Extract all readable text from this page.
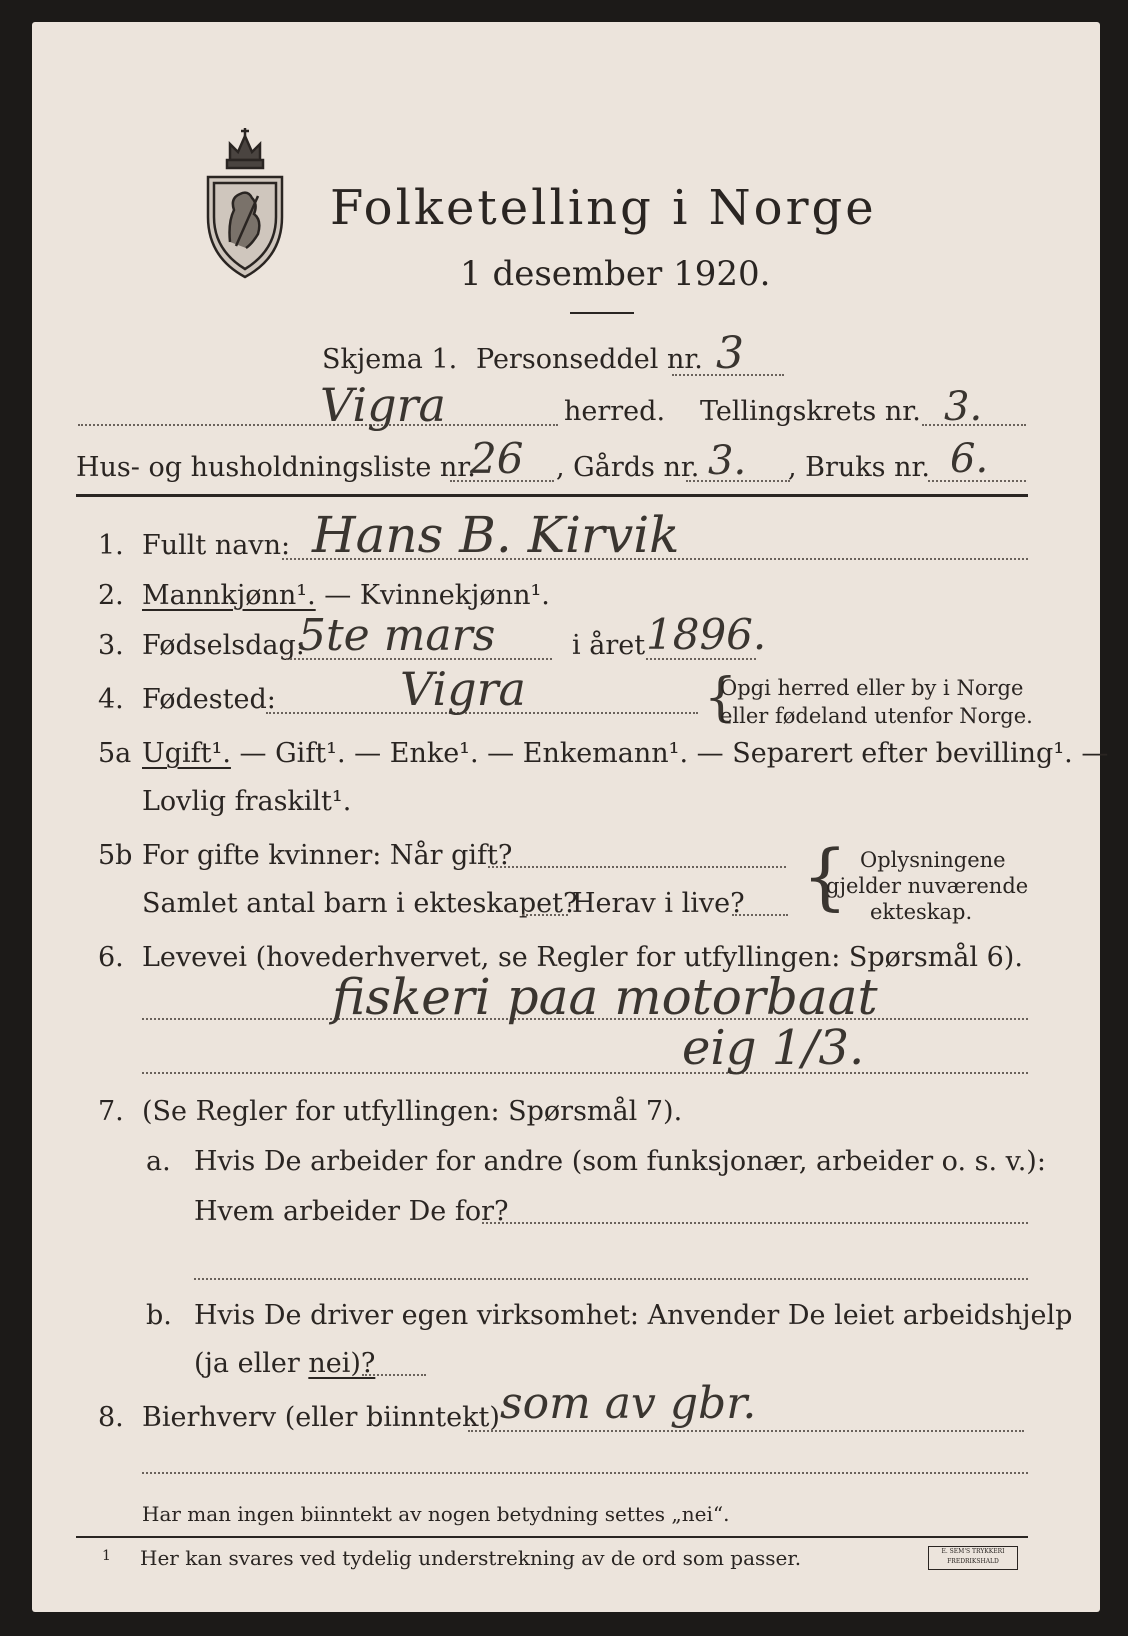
Folketelling i Norge
1 desember 1920.
Skjema 1. Personseddel nr. 3
Vigra	herred. Tellingskrets nr. 3.
Hus- og husholdningsliste nr.
26 , Gårds nr. 3. , Bruks nr. 6.
1. Fullt navn: Hans B. Kirvik
2. Mannkjønn¹. — Kvinnekjønn¹.
3. Fødselsdag:
5te mars	i året 1896.
4. Fødested:	Vigra	{
Opgi herred eller by i Norge
eller fødeland utenfor Norge.
5a Ugift¹. — Gift¹. — Enke¹. — Enkemann¹. — Separert efter bevilling¹. —
Lovlig fraskilt¹.
5b For gifte kvinner: Når gift?
Samlet antal barn i ekteskapet?
Herav i live? { Oplysningene
gjelder nuværende
ekteskap.
6. Levevei (hovederhvervet, se Regler for utfyllingen: Spørsmål 6).
fiskeri paa motorbaat
eig 1/3.
7. (Se Regler for utfyllingen: Spørsmål 7).
a. Hvis De arbeider for andre (som funksjonær, arbeider o. s. v.):
Hvem arbeider De for?
b. Hvis De driver egen virksomhet: Anvender De leiet arbeidshjelp
(ja eller nei)?
8. Bierhverv (eller biinntekt) som av gbr.
Har man ingen biinntekt av nogen betydning settes „nei“.
1 Her kan svares ved tydelig understrekning av de ord som passer.	E. SEM'S TRYKKERI FREDRIKSHALD
